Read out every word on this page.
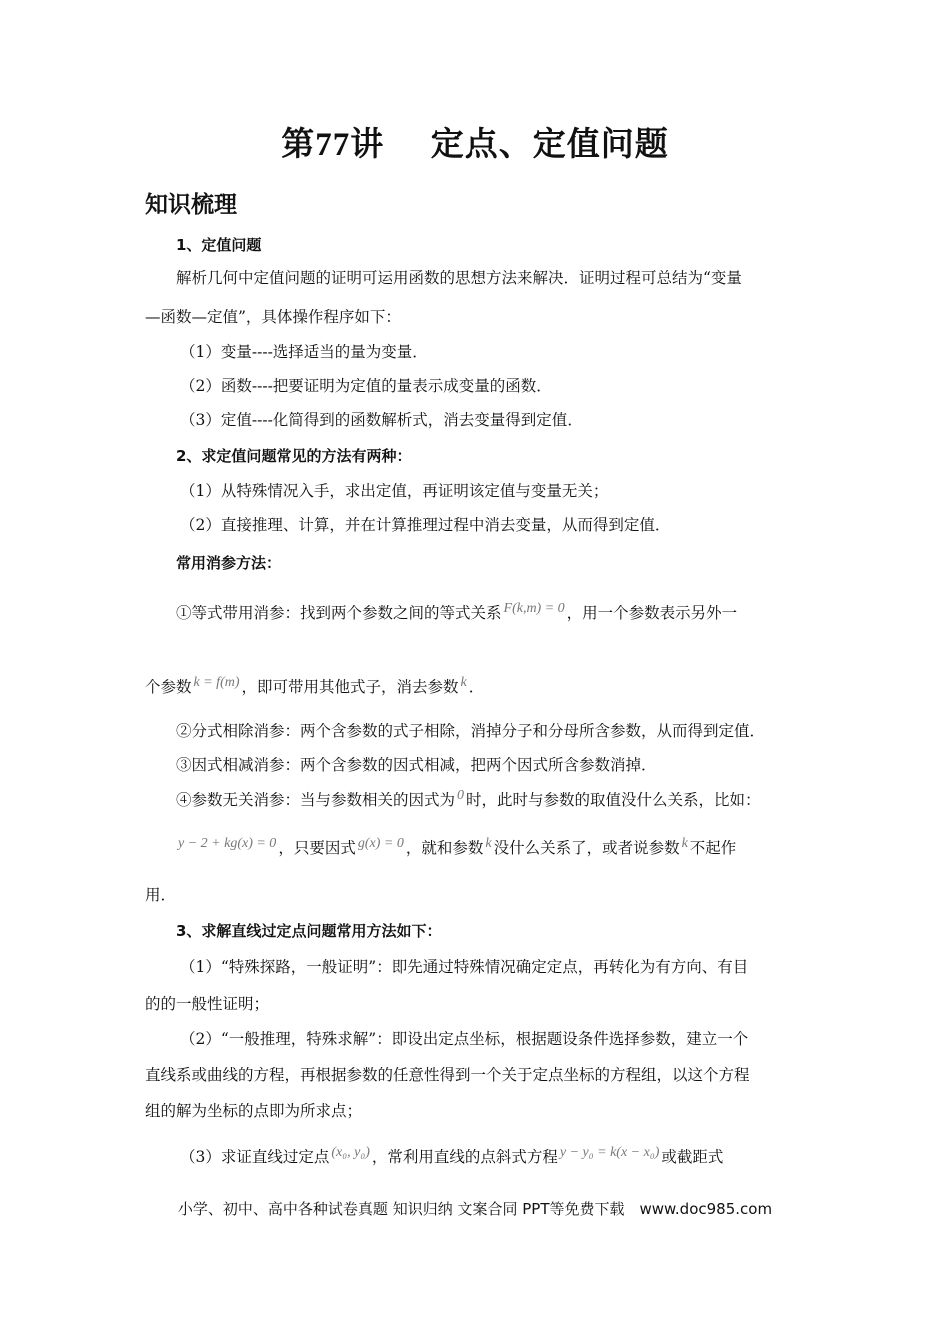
第77讲　 定点、定值问题
知识梳理
1、定值问题
解析几何中定值问题的证明可运用函数的思想方法来解决．证明过程可总结为“变量
—函数—定值”，具体操作程序如下：
（1）变量----选择适当的量为变量．
（2）函数----把要证明为定值的量表示成变量的函数．
（3）定值----化简得到的函数解析式，消去变量得到定值．
2、求定值问题常见的方法有两种：
（1）从特殊情况入手，求出定值，再证明该定值与变量无关；
（2）直接推理、计算，并在计算推理过程中消去变量，从而得到定值．
常用消参方法：
①等式带用消参：找到两个参数之间的等式关系 F(k,m) = 0 ，用一个参数表示另外一
个参数 k = f(m) ，即可带用其他式子，消去参数 k ．
②分式相除消参：两个含参数的式子相除，消掉分子和分母所含参数，从而得到定值．
③因式相减消参：两个含参数的因式相减，把两个因式所含参数消掉．
④参数无关消参：当与参数相关的因式为 0 时，此时与参数的取值没什么关系，比如：
y − 2 + kg(x) = 0 ，只要因式 g(x) = 0 ，就和参数 k 没什么关系了，或者说参数 k 不起作
用．
3、求解直线过定点问题常用方法如下：
（1）“特殊探路，一般证明”：即先通过特殊情况确定定点，再转化为有方向、有目
的的一般性证明；
（2）“一般推理，特殊求解”：即设出定点坐标，根据题设条件选择参数，建立一个
直线系或曲线的方程，再根据参数的任意性得到一个关于定点坐标的方程组，以这个方程
组的解为坐标的点即为所求点；
（3）求证直线过定点 (x₀, y₀) ，常利用直线的点斜式方程 y − y₀ = k(x − x₀) 或截距式
小学、初中、高中各种试卷真题 知识归纳 文案合同 PPT等免费下载　www.doc985.com
